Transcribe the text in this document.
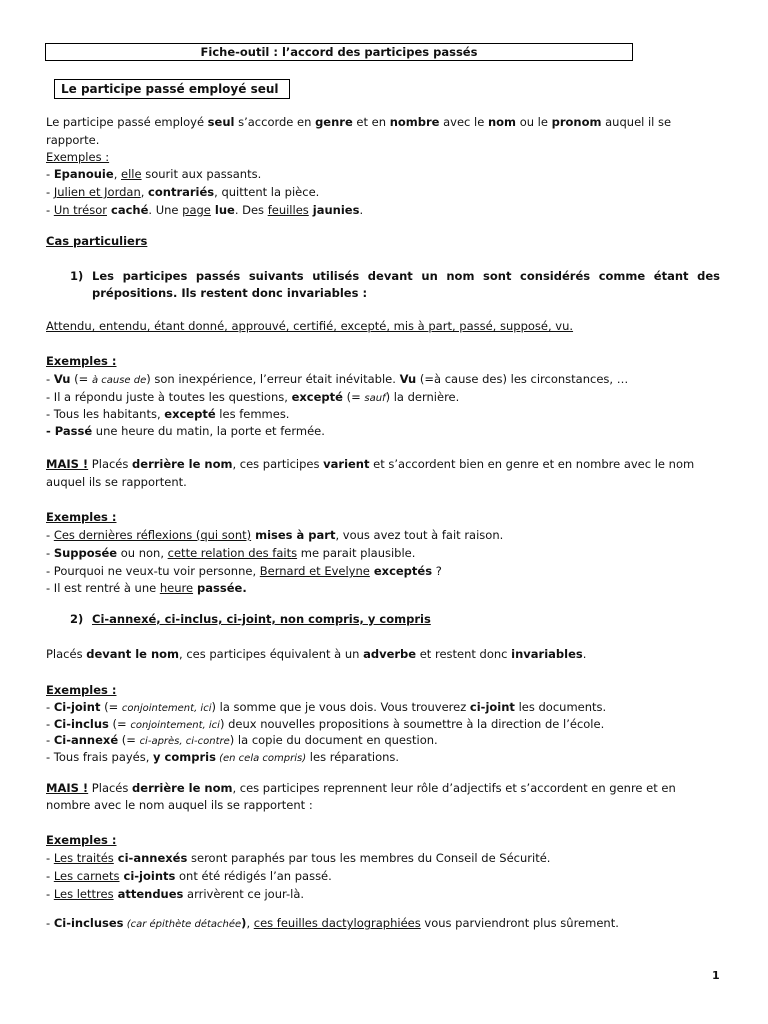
Fiche-outil : l’accord des participes passés
Le participe passé employé seul
Le participe passé employé seul s’accorde en genre et en nombre avec le nom ou le pronom auquel il se
rapporte.
Exemples :
- Epanouie, elle sourit aux passants.
- Julien et Jordan, contrariés, quittent la pièce.
- Un trésor caché. Une page lue. Des feuilles jaunies.
Cas particuliers
1) Les participes passés suivants utilisés devant un nom sont considérés comme étant des prépositions. Ils restent donc invariables :
Attendu, entendu, étant donné, approuvé, certifié, excepté, mis à part, passé, supposé, vu.
Exemples :
- Vu (= à cause de) son inexpérience, l’erreur était inévitable. Vu (=à cause des) les circonstances, …
- Il a répondu juste à toutes les questions, excepté (= sauf) la dernière.
- Tous les habitants, excepté les femmes.
- Passé une heure du matin, la porte et fermée.
MAIS ! Placés derrière le nom, ces participes varient et s’accordent bien en genre et en nombre avec le nom
auquel ils se rapportent.
Exemples :
- Ces dernières réflexions (qui sont) mises à part, vous avez tout à fait raison.
- Supposée ou non, cette relation des faits me parait plausible.
- Pourquoi ne veux-tu voir personne, Bernard et Evelyne exceptés ?
- Il est rentré à une heure passée.
2) Ci-annexé, ci-inclus, ci-joint, non compris, y compris
Placés devant le nom, ces participes équivalent à un adverbe et restent donc invariables.
Exemples :
- Ci-joint (= conjointement, ici) la somme que je vous dois. Vous trouverez ci-joint les documents.
- Ci-inclus (= conjointement, ici) deux nouvelles propositions à soumettre à la direction de l’école.
- Ci-annexé (= ci-après, ci-contre) la copie du document en question.
- Tous frais payés, y compris (en cela compris) les réparations.
MAIS ! Placés derrière le nom, ces participes reprennent leur rôle d’adjectifs et s’accordent en genre et en
nombre avec le nom auquel ils se rapportent :
Exemples :
- Les traités ci-annexés seront paraphés par tous les membres du Conseil de Sécurité.
- Les carnets ci-joints ont été rédigés l’an passé.
- Les lettres attendues arrivèrent ce jour-là.
- Ci-incluses (car épithète détachée), ces feuilles dactylographiées vous parviendront plus sûrement.
1
